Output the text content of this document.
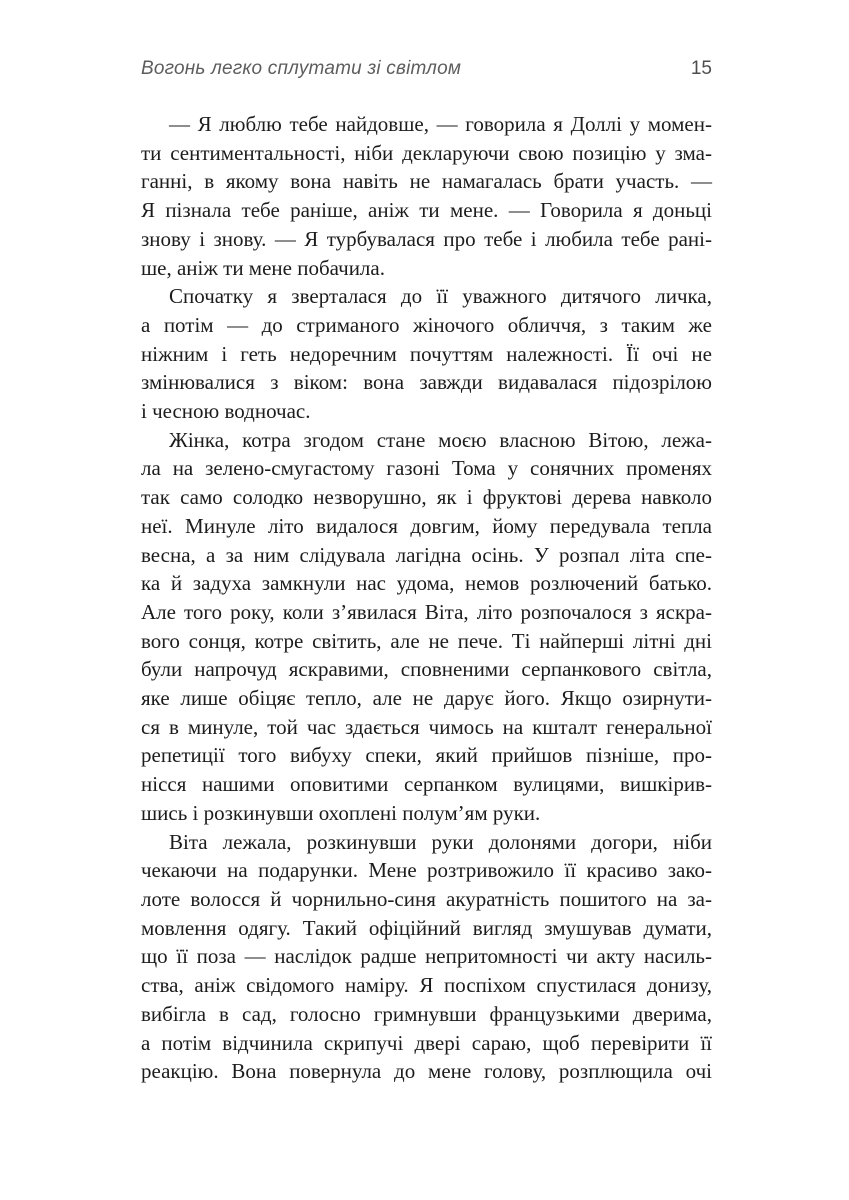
Вогонь легко сплутати зі світлом	15
— Я люблю тебе найдовше, — говорила я Доллі у момен-
ти сентиментальності, ніби декларуючи свою позицію у зма-
ганні, в якому вона навіть не намагалась брати участь. —
Я пізнала тебе раніше, аніж ти мене. — Говорила я доньці
знову і знову. — Я турбувалася про тебе і любила тебе рані-
ше, аніж ти мене побачила.
Спочатку я зверталася до її уважного дитячого личка,
а потім — до стриманого жіночого обличчя, з таким же
ніжним і геть недоречним почуттям належності. Її очі не
змінювалися з віком: вона завжди видавалася підозрілою
і чесною водночас.
Жінка, котра згодом стане моєю власною Вітою, лежа-
ла на зелено-смугастому газоні Тома у сонячних променях
так само солодко незворушно, як і фруктові дерева навколо
неї. Минуле літо видалося довгим, йому передувала тепла
весна, а за ним слідувала лагідна осінь. У розпал літа спе-
ка й задуха замкнули нас удома, немов розлючений батько.
Але того року, коли з’явилася Віта, літо розпочалося з яскра-
вого сонця, котре світить, але не пече. Ті найперші літні дні
були напрочуд яскравими, сповненими серпанкового світла,
яке лише обіцяє тепло, але не дарує його. Якщо озирнути-
ся в минуле, той час здається чимось на кшталт генеральної
репетиції того вибуху спеки, який прийшов пізніше, про-
нісся нашими оповитими серпанком вулицями, вишкірив-
шись і розкинувши охоплені полум’ям руки.
Віта лежала, розкинувши руки долонями догори, ніби
чекаючи на подарунки. Мене розтривожило її красиво зако-
лоте волосся й чорнильно-синя акуратність пошитого на за-
мовлення одягу. Такий офіційний вигляд змушував думати,
що її поза — наслідок радше непритомності чи акту насиль-
ства, аніж свідомого наміру. Я поспіхом спустилася донизу,
вибігла в сад, голосно гримнувши французькими дверима,
а потім відчинила скрипучі двері сараю, щоб перевірити її
реакцію. Вона повернула до мене голову, розплющила очі
